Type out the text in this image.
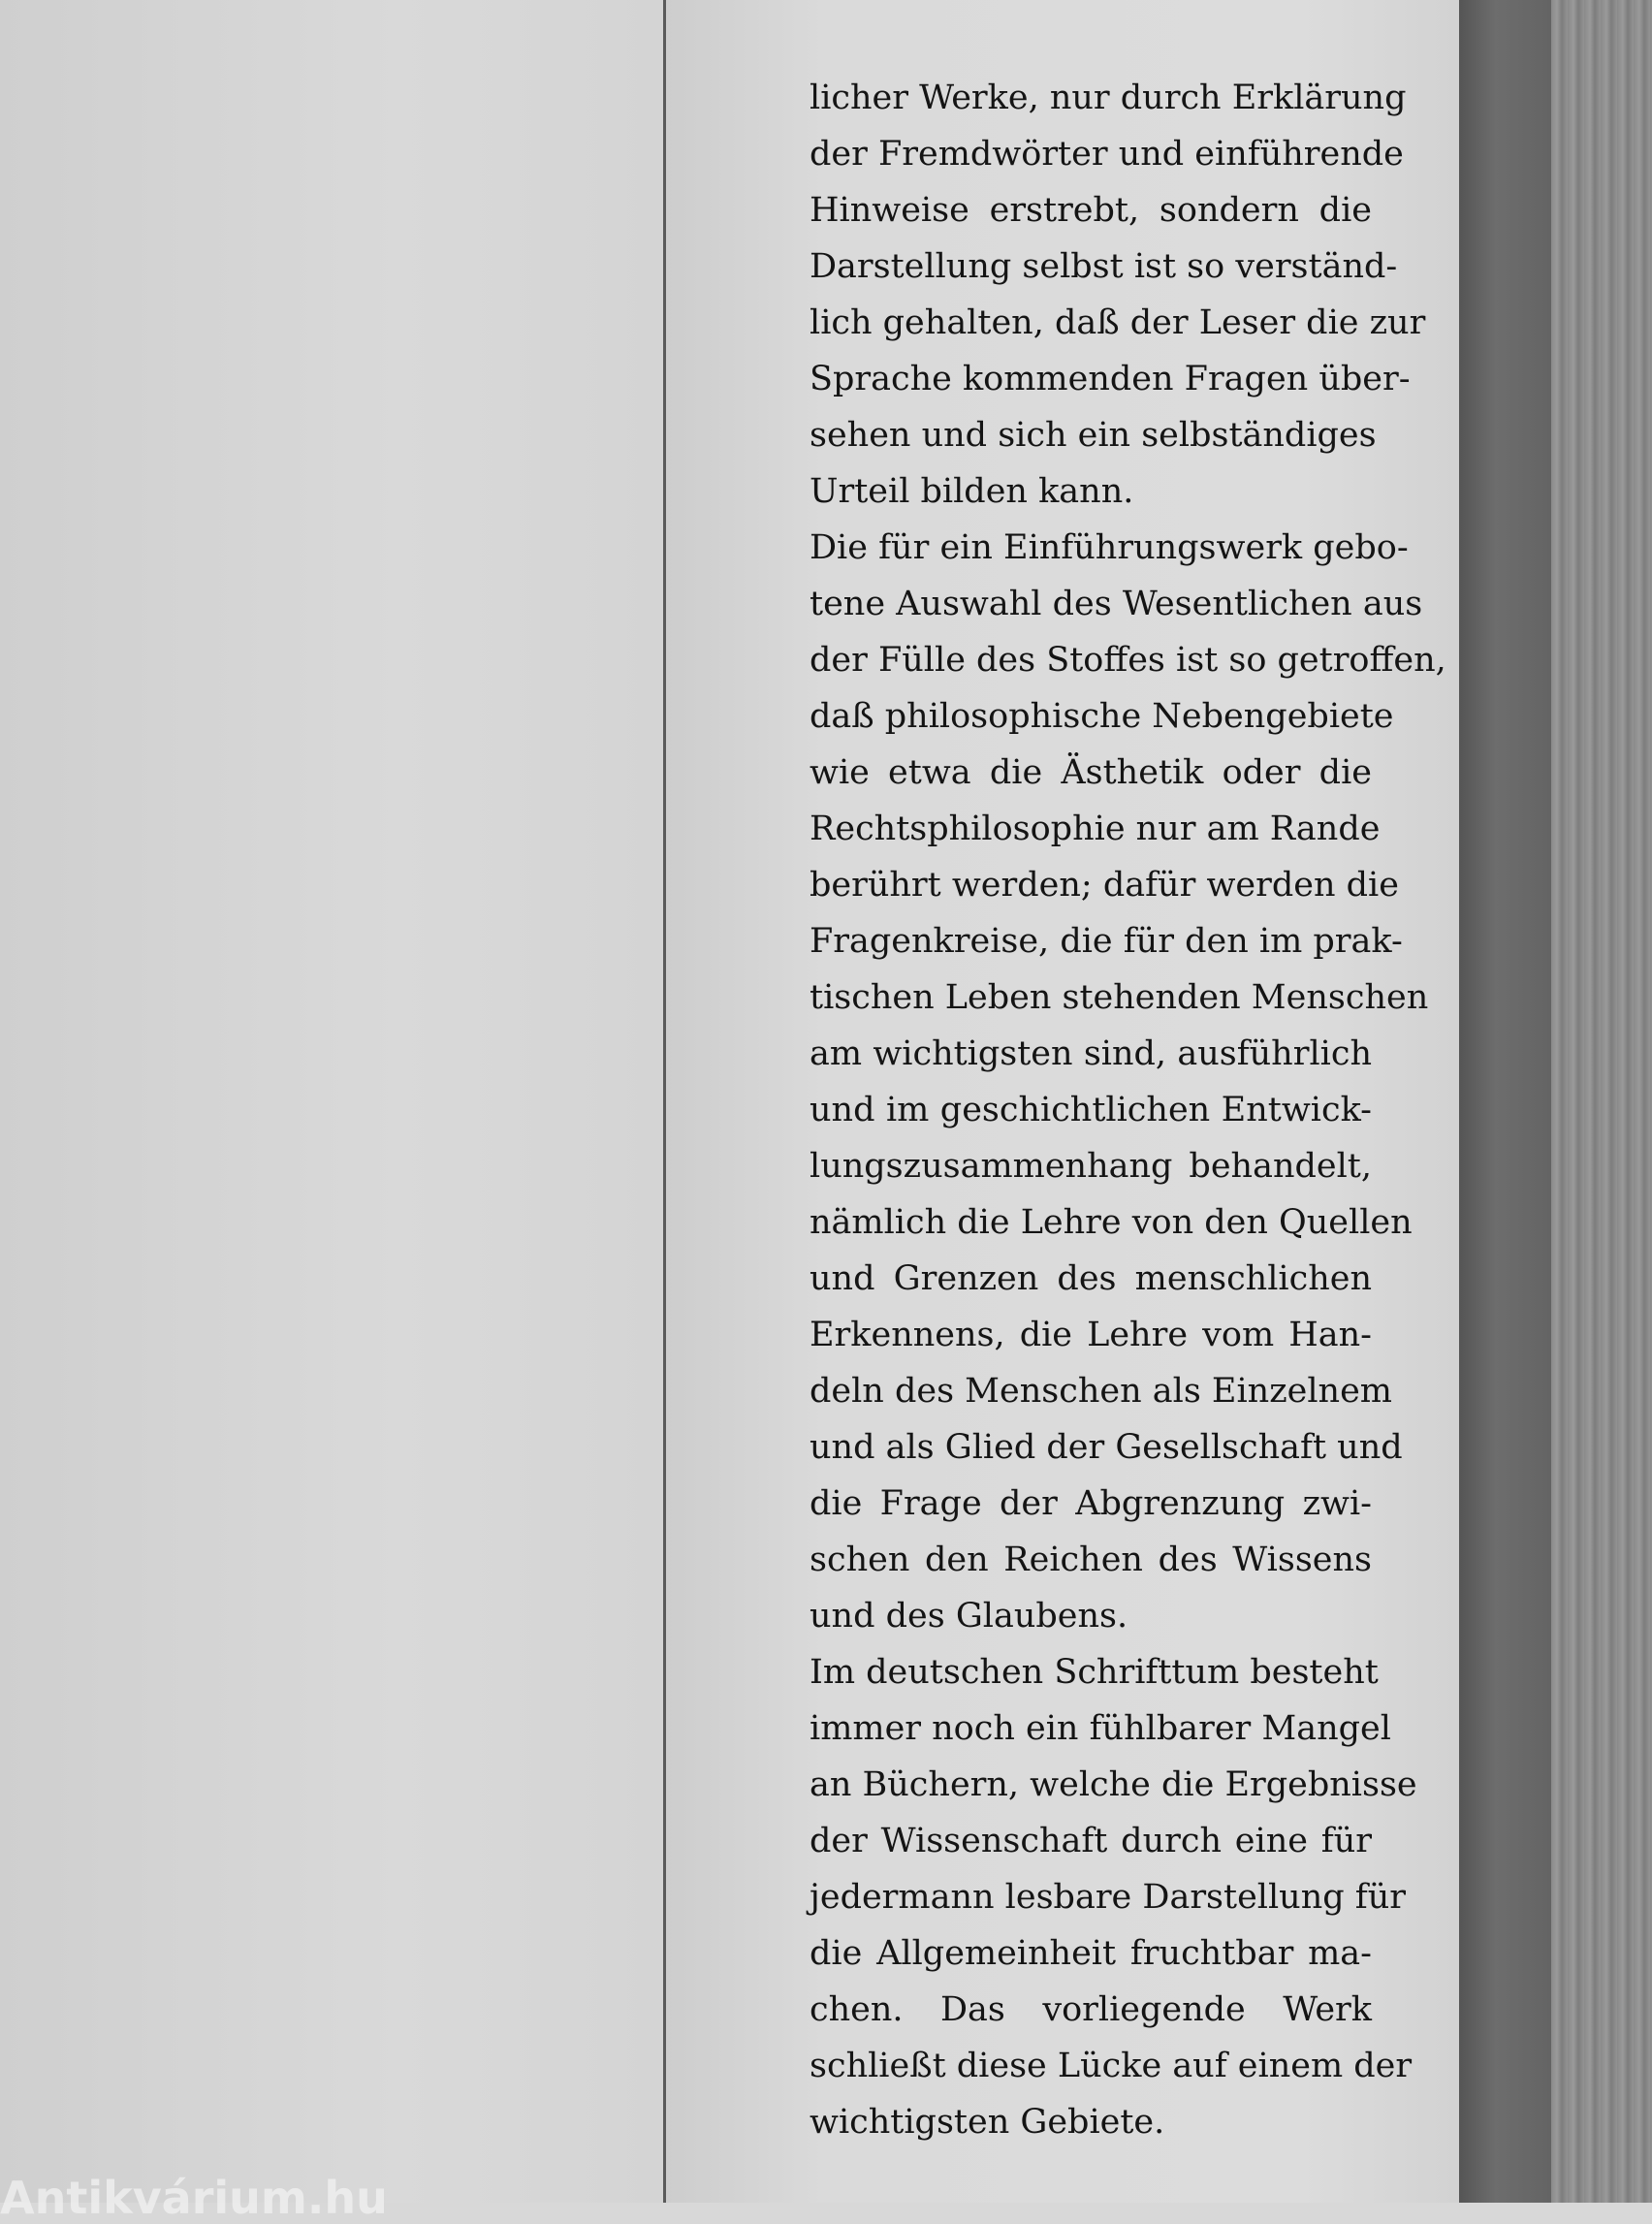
licher Werke, nur durch Erklärung
der Fremdwörter und einführende
Hinweise erstrebt, sondern die
Darstellung selbst ist so verständ-
lich gehalten, daß der Leser die zur
Sprache kommenden Fragen über-
sehen und sich ein selbständiges
Urteil bilden kann.
Die für ein Einführungswerk gebo-
tene Auswahl des Wesentlichen aus
der Fülle des Stoffes ist so getroffen,
daß philosophische Nebengebiete
wie etwa die Ästhetik oder die
Rechtsphilosophie nur am Rande
berührt werden; dafür werden die
Fragenkreise, die für den im prak-
tischen Leben stehenden Menschen
am wichtigsten sind, ausführlich
und im geschichtlichen Entwick-
lungszusammenhang behandelt,
nämlich die Lehre von den Quellen
und Grenzen des menschlichen
Erkennens, die Lehre vom Han-
deln des Menschen als Einzelnem
und als Glied der Gesellschaft und
die Frage der Abgrenzung zwi-
schen den Reichen des Wissens
und des Glaubens.
Im deutschen Schrifttum besteht
immer noch ein fühlbarer Mangel
an Büchern, welche die Ergebnisse
der Wissenschaft durch eine für
jedermann lesbare Darstellung für
die Allgemeinheit fruchtbar ma-
chen. Das vorliegende Werk
schließt diese Lücke auf einem der
wichtigsten Gebiete.
Antikvárium.hu
